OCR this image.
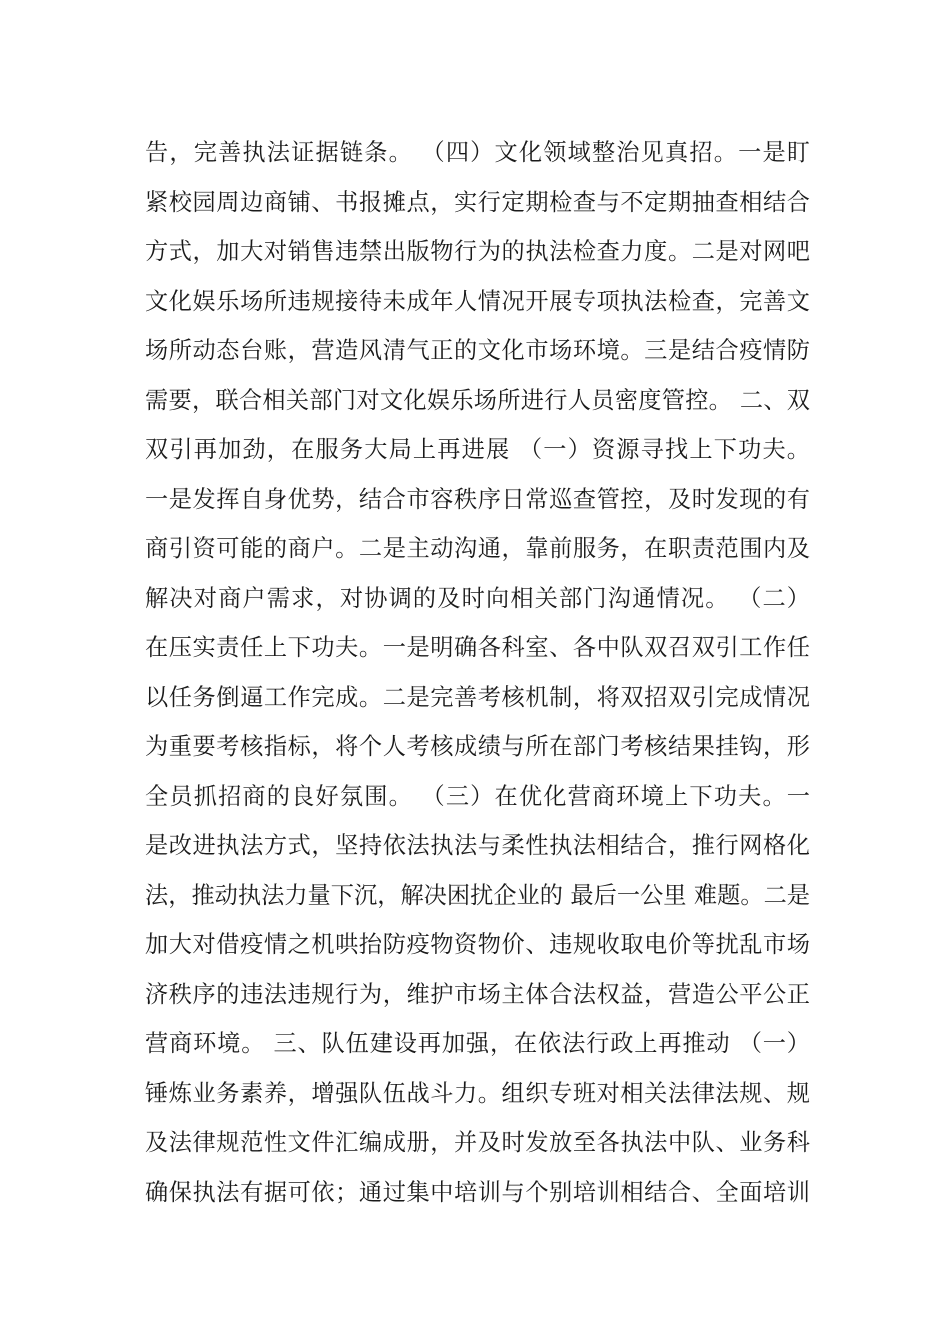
告，完善执法证据链条。 （四）文化领域整治见真招。一是盯
紧校园周边商铺、书报摊点，实行定期检查与不定期抽查相结合
方式，加大对销售违禁出版物行为的执法检查力度。二是对网吧
文化娱乐场所违规接待未成年人情况开展专项执法检查，完善文
场所动态台账，营造风清气正的文化市场环境。三是结合疫情防
需要，联合相关部门对文化娱乐场所进行人员密度管控。 二、双
双引再加劲，在服务大局上再进展 （一）资源寻找上下功夫。
一是发挥自身优势，结合市容秩序日常巡查管控，及时发现的有
商引资可能的商户。二是主动沟通，靠前服务，在职责范围内及
解决对商户需求，对协调的及时向相关部门沟通情况。 （二）
在压实责任上下功夫。一是明确各科室、各中队双召双引工作任
以任务倒逼工作完成。二是完善考核机制，将双招双引完成情况
为重要考核指标，将个人考核成绩与所在部门考核结果挂钩，形
全员抓招商的良好氛围。 （三）在优化营商环境上下功夫。一
是改进执法方式，坚持依法执法与柔性执法相结合，推行网格化
法，推动执法力量下沉，解决困扰企业的 最后一公里 难题。二是
加大对借疫情之机哄抬防疫物资物价、违规收取电价等扰乱市场
济秩序的违法违规行为，维护市场主体合法权益，营造公平公正
营商环境。 三、队伍建设再加强，在依法行政上再推动 （一）
锤炼业务素养，增强队伍战斗力。组织专班对相关法律法规、规
及法律规范性文件汇编成册，并及时发放至各执法中队、业务科
确保执法有据可依；通过集中培训与个别培训相结合、全面培训
